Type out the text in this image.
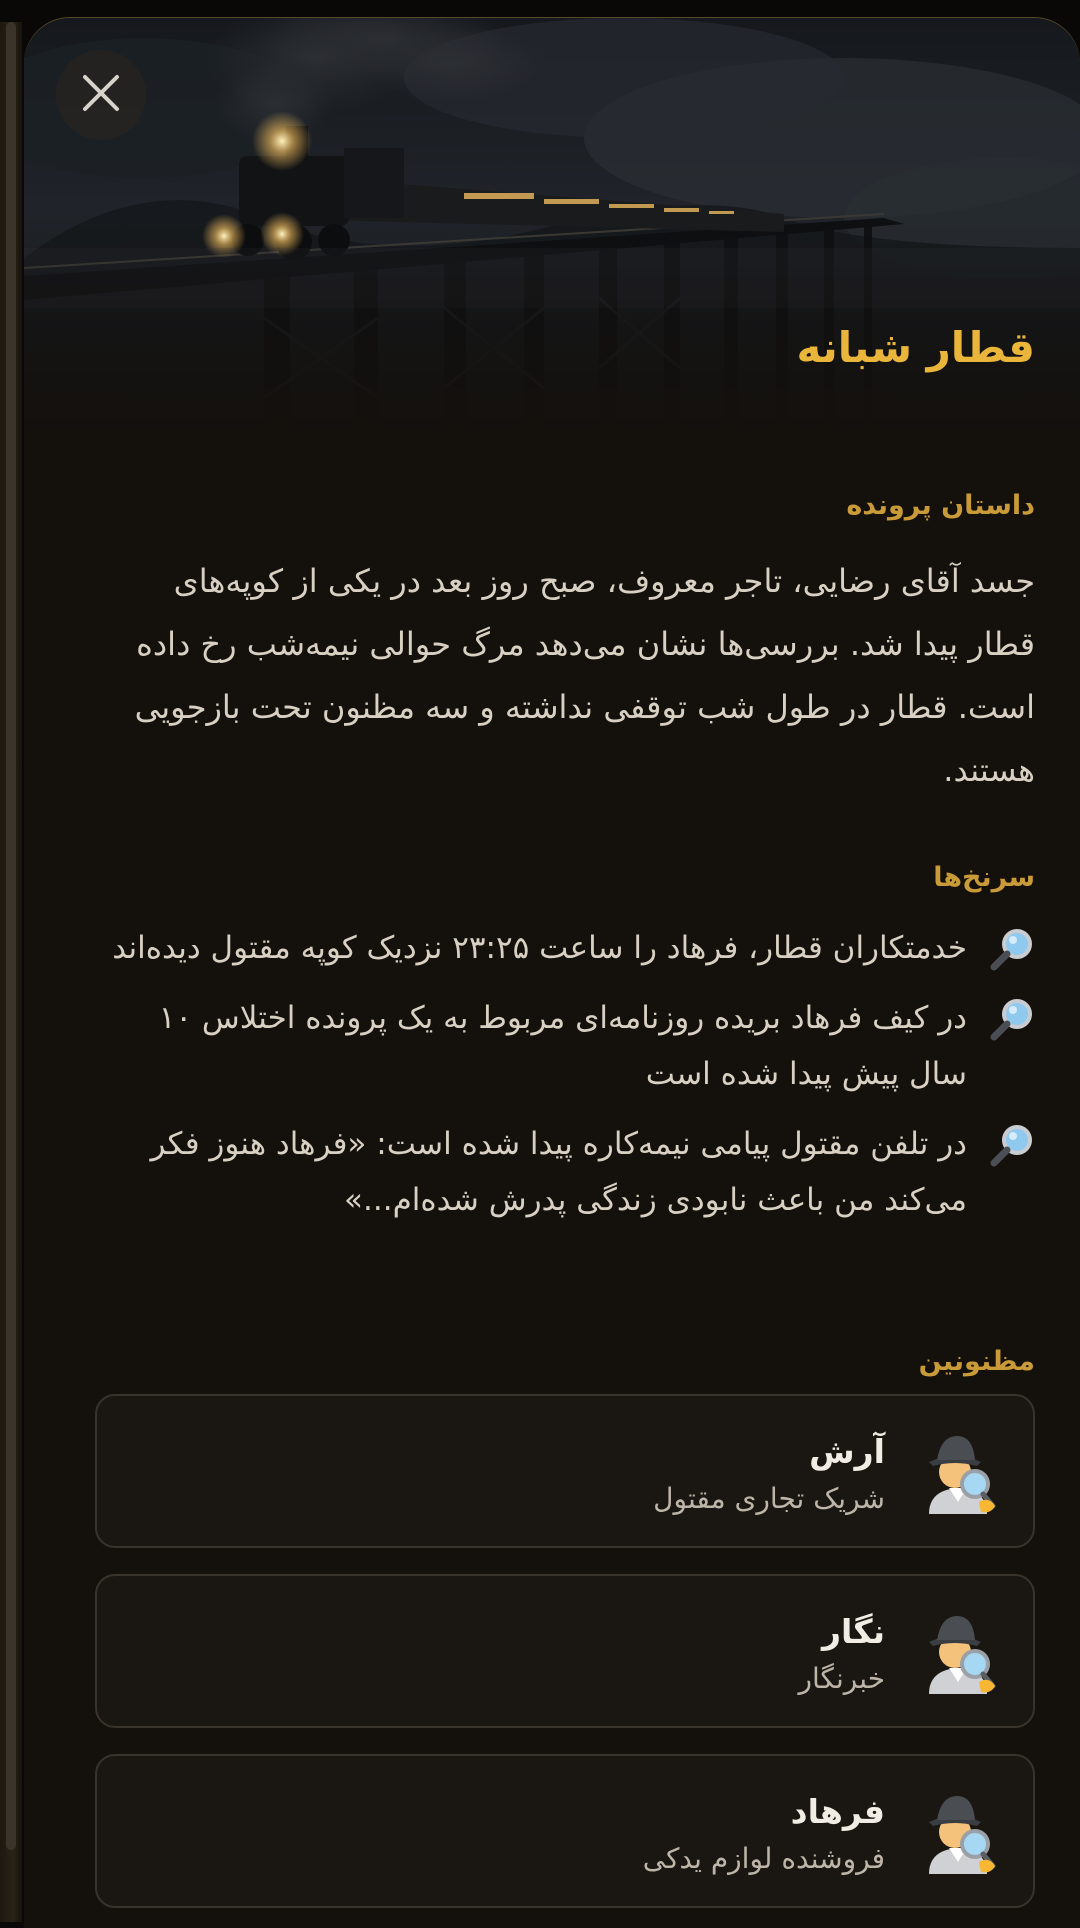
قطار شبانه
داستان پرونده

جسد آقای رضایی، تاجر معروف، صبح روز بعد در یکی از کوپه‌های قطار پیدا شد. بررسی‌ها نشان می‌دهد مرگ حوالی نیمه‌شب رخ داده است. قطار در طول شب توقفی نداشته و سه مظنون تحت بازجویی هستند.

سرنخ‌ها
خدمتکاران قطار، فرهاد را ساعت ۲۳:۲۵ نزدیک کوپه مقتول دیده‌اند
در کیف فرهاد بریده روزنامه‌ای مربوط به یک پرونده اختلاس ۱۰ سال پیش پیدا شده است
در تلفن مقتول پیامی نیمه‌کاره پیدا شده است: «فرهاد هنوز فکر می‌کند من باعث نابودی زندگی پدرش شده‌ام...»
مظنونین
آرش
شریک تجاری مقتول
نگار
خبرنگار
فرهاد
فروشنده لوازم یدکی
